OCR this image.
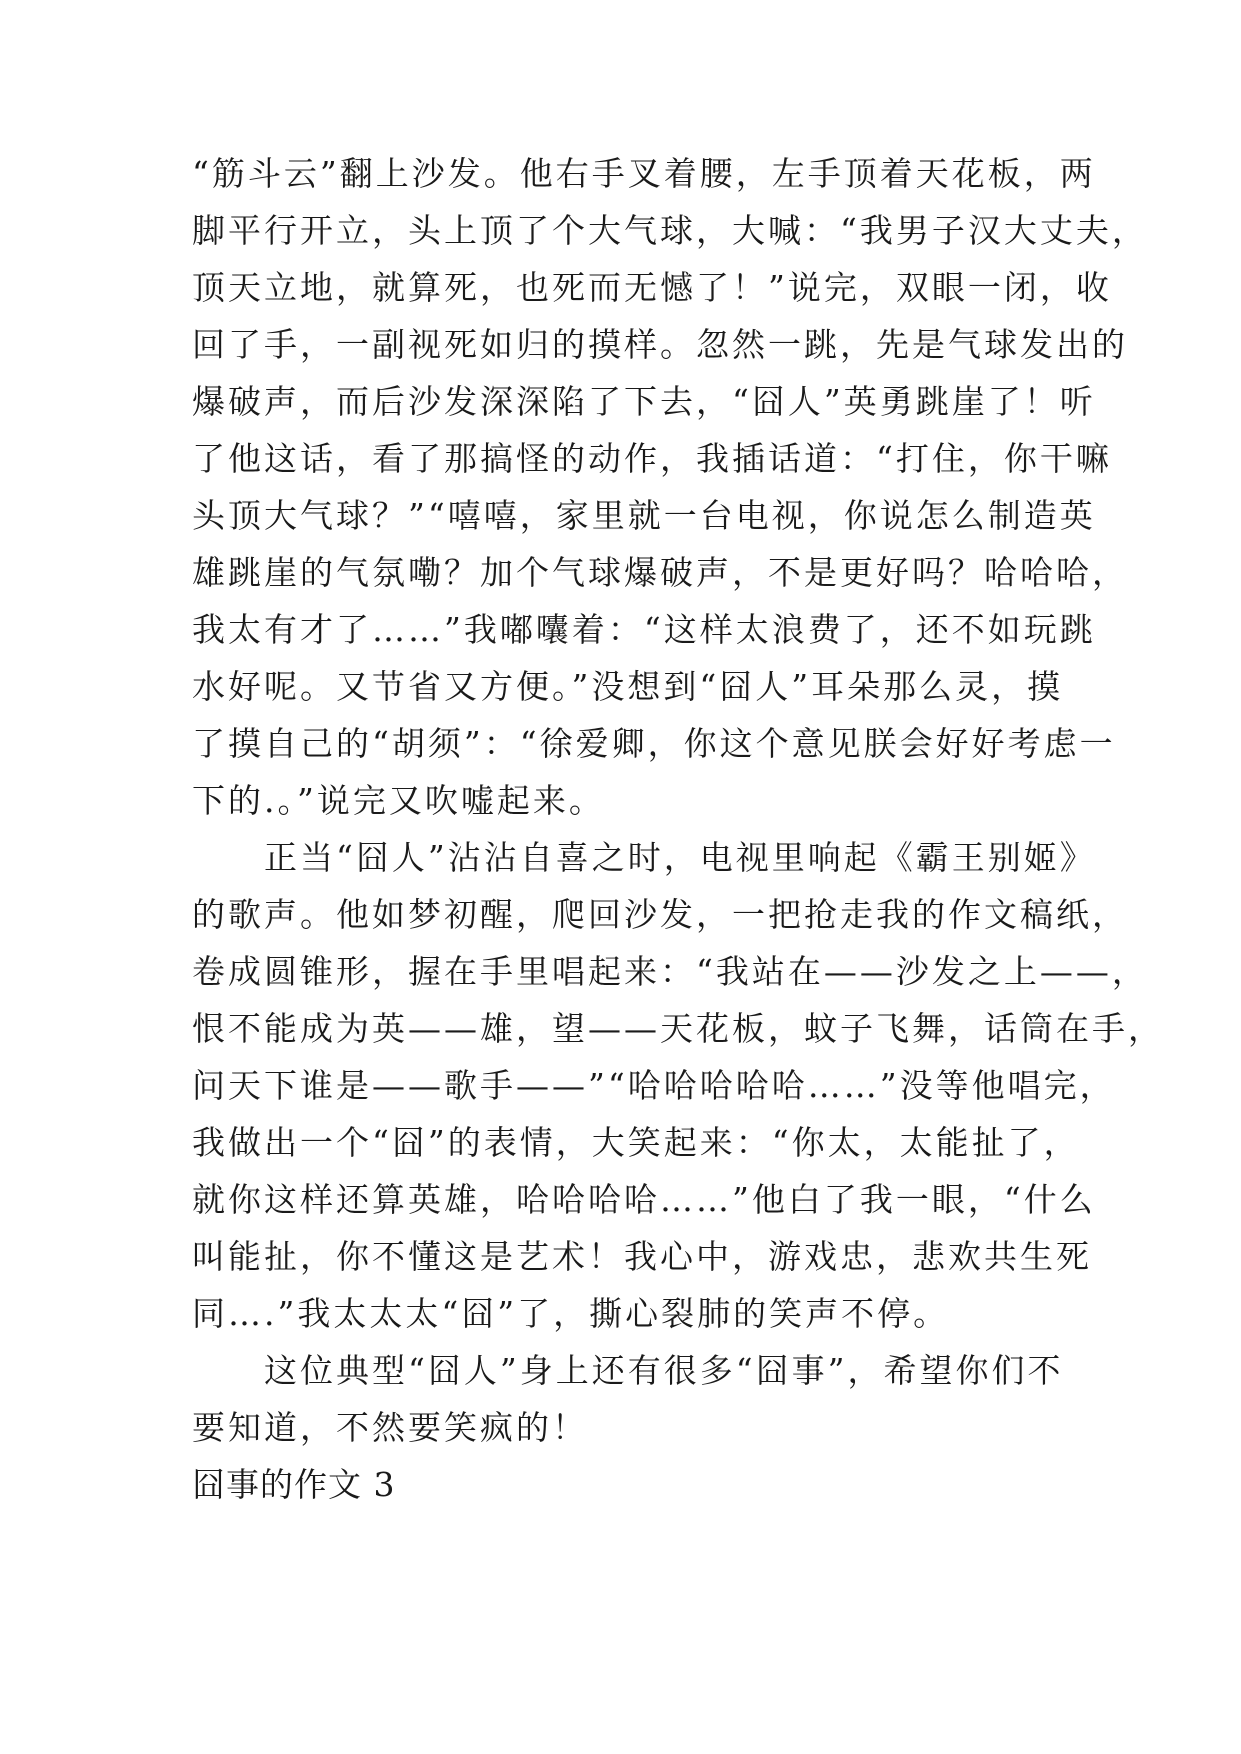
“筋斗云”翻上沙发。他右手叉着腰，左手顶着天花板，两
脚平行开立，头上顶了个大气球，大喊：“我男子汉大丈夫，
顶天立地，就算死，也死而无憾了！”说完，双眼一闭，收
回了手，一副视死如归的摸样。忽然一跳，先是气球发出的
爆破声，而后沙发深深陷了下去，“囧人”英勇跳崖了！听
了他这话，看了那搞怪的动作，我插话道：“打住，你干嘛
头顶大气球？”“嘻嘻，家里就一台电视，你说怎么制造英
雄跳崖的气氛嘞？加个气球爆破声，不是更好吗？哈哈哈，
我太有才了……”我嘟囔着：“这样太浪费了，还不如玩跳
水好呢。又节省又方便。”没想到“囧人”耳朵那么灵，摸
了摸自己的“胡须”：“徐爱卿，你这个意见朕会好好考虑一
下的.。”说完又吹嘘起来。
　　正当“囧人”沾沾自喜之时，电视里响起《霸王别姬》
的歌声。他如梦初醒，爬回沙发，一把抢走我的作文稿纸，
卷成圆锥形，握在手里唱起来：“我站在——沙发之上——，
恨不能成为英——雄，望——天花板，蚊子飞舞，话筒在手，
问天下谁是——歌手——”“哈哈哈哈哈……”没等他唱完，
我做出一个“囧”的表情，大笑起来：“你太，太能扯了，
就你这样还算英雄，哈哈哈哈……”他白了我一眼，“什么
叫能扯，你不懂这是艺术！我心中，游戏忠，悲欢共生死
同….”我太太太“囧”了，撕心裂肺的笑声不停。
　　这位典型“囧人”身上还有很多“囧事”，希望你们不
要知道，不然要笑疯的！
囧事的作文 3
